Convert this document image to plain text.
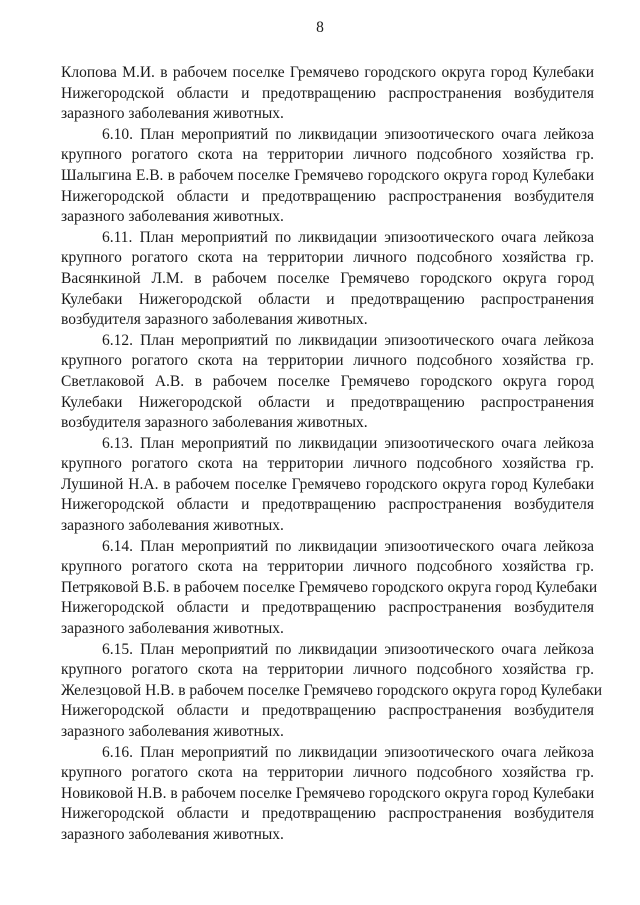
8
Клопова М.И. в рабочем поселке Гремячево городского округа город Кулебаки
Нижегородской области и предотвращению распространения возбудителя
заразного заболевания животных.
6.10. План мероприятий по ликвидации эпизоотического очага лейкоза
крупного рогатого скота на территории личного подсобного хозяйства гр.
Шалыгина Е.В. в рабочем поселке Гремячево городского округа город Кулебаки
Нижегородской области и предотвращению распространения возбудителя
заразного заболевания животных.
6.11. План мероприятий по ликвидации эпизоотического очага лейкоза
крупного рогатого скота на территории личного подсобного хозяйства гр.
Васянкиной Л.М. в рабочем поселке Гремячево городского округа город
Кулебаки Нижегородской области и предотвращению распространения
возбудителя заразного заболевания животных.
6.12. План мероприятий по ликвидации эпизоотического очага лейкоза
крупного рогатого скота на территории личного подсобного хозяйства гр.
Светлаковой А.В. в рабочем поселке Гремячево городского округа город
Кулебаки Нижегородской области и предотвращению распространения
возбудителя заразного заболевания животных.
6.13. План мероприятий по ликвидации эпизоотического очага лейкоза
крупного рогатого скота на территории личного подсобного хозяйства гр.
Лушиной Н.А. в рабочем поселке Гремячево городского округа город Кулебаки
Нижегородской области и предотвращению распространения возбудителя
заразного заболевания животных.
6.14. План мероприятий по ликвидации эпизоотического очага лейкоза
крупного рогатого скота на территории личного подсобного хозяйства гр.
Петряковой В.Б. в рабочем поселке Гремячево городского округа город Кулебаки
Нижегородской области и предотвращению распространения возбудителя
заразного заболевания животных.
6.15. План мероприятий по ликвидации эпизоотического очага лейкоза
крупного рогатого скота на территории личного подсобного хозяйства гр.
Железцовой Н.В. в рабочем поселке Гремячево городского округа город Кулебаки
Нижегородской области и предотвращению распространения возбудителя
заразного заболевания животных.
6.16. План мероприятий по ликвидации эпизоотического очага лейкоза
крупного рогатого скота на территории личного подсобного хозяйства гр.
Новиковой Н.В. в рабочем поселке Гремячево городского округа город Кулебаки
Нижегородской области и предотвращению распространения возбудителя
заразного заболевания животных.
